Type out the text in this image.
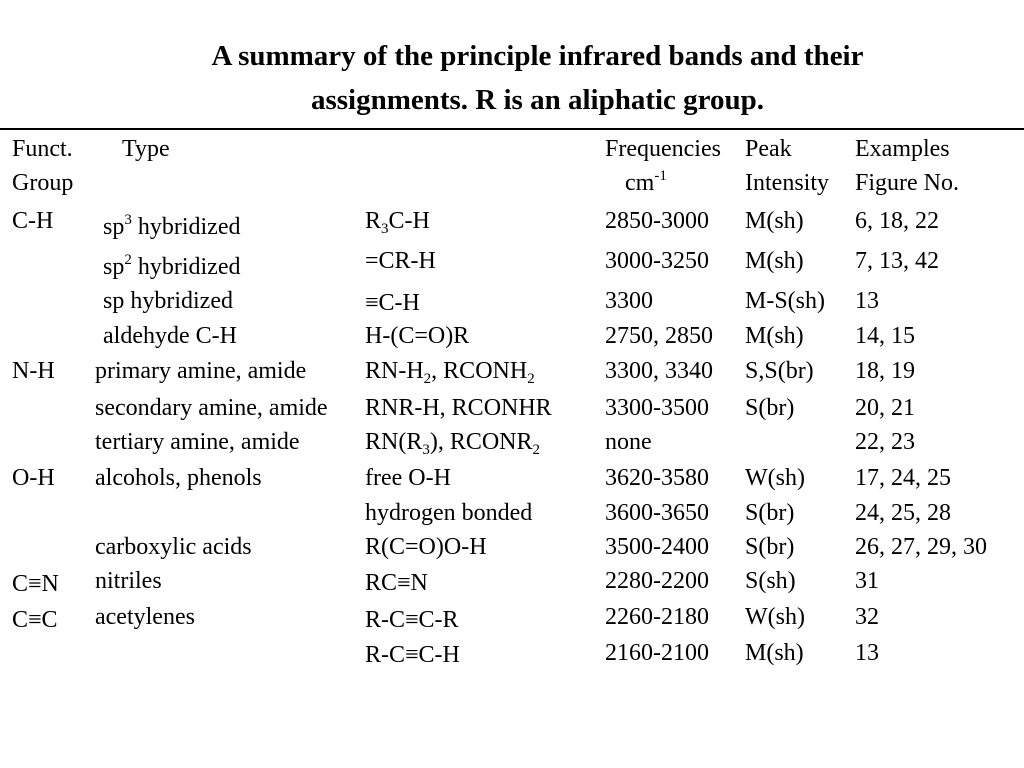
A summary of the principle infrared bands and their
assignments. R is an aliphatic group.
Funct.
Group
Type	Frequencies
$cm^{-1}$
Peak
Intensity
Examples
Figure No.
C-H
N-H
O-H
C≡N
C≡C
$sp^3$ hybridized
$sp^2$ hybridized
sp hybridized
aldehyde C-H
primary amine, amide
secondary amine, amide
tertiary amine, amide
alcohols, phenols
carboxylic acids
nitriles
acetylenes
$R_3C-H$
=CR-H
≡C-H
H-(C=O)R
$RN-H_2$, $RCONH_2$
RNR-H, RCONHR
$RN(R_3)$, $RCONR_2$
free O-H
hydrogen bonded
R(C=O)O-H
RC≡N
R-C≡C-R
R-C≡C-H
2850-3000
3000-3250
3300
2750, 2850
3300, 3340
3300-3500
none
3620-3580
3600-3650
3500-2400
2280-2200
2260-2180
2160-2100
M(sh)
M(sh)
M-S(sh)
M(sh)
S,S(br)
S(br)
W(sh)
S(br)
S(br)
S(sh)
W(sh)
M(sh)
6, 18, 22
7, 13, 42
13
14, 15
18, 19
20, 21
22, 23
17, 24, 25
24, 25, 28
26, 27, 29, 30
31
32
13
